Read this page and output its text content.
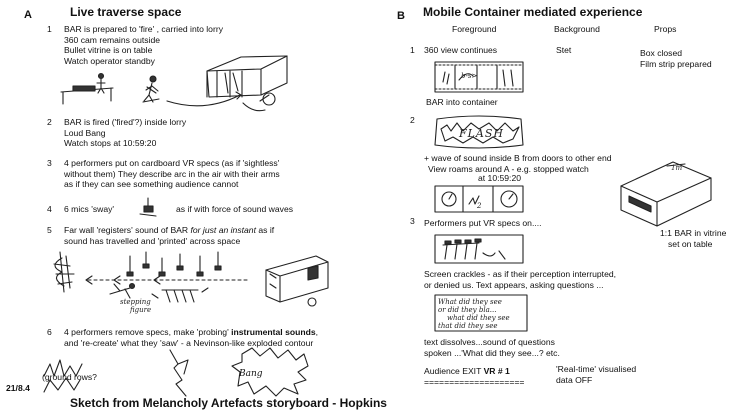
A	Live traverse space
1 BAR is prepared to 'fire' , carried into lorry
360 cam remains outside
Bullet vitrine is on table
Watch operator standby
2 BAR is fired ('fired'?) inside lorry
Loud Bang
Watch stops at 10:59:20
3 4 performers put on cardboard VR specs (as if 'sightless'
without them) They describe arc in the air with their arms
as if they can see something audience cannot
4 6 mics 'sway'	as if with force of sound waves
5 Far wall 'registers' sound of BAR for just an instant as if
sound has travelled and 'printed' across space
6 4 performers remove specs, make 'probing' instrumental sounds,
and 're-create' what they 'saw' - a Nevinson-like exploded contour
stepping
figure
(ground rows?	Bang
21/8.4
Sketch from Melancholy Artefacts storyboard - Hopkins
B Mobile Container mediated experience
Foreground	Background	Props
1 360 view continues	Stet	Box closed
Film strip prepared
b-s>
BAR into container
2
FLASH
+ wave of sound inside B from doors to other end
View roams around A - e.g. stopped watch
at 10:59:20
2
3 Performers put VR specs on....
Screen crackles - as if their perception interrupted,
or denied us. Text appears, asking questions ...
What did they see
or did they bla...
what did they see
that did they see
text dissolves...sound of questions
spoken ...'What did they see...? etc.
Audience EXIT VR # 1
====================
'Real-time' visualised
data OFF
1m
1:1 BAR in vitrine
set on table
